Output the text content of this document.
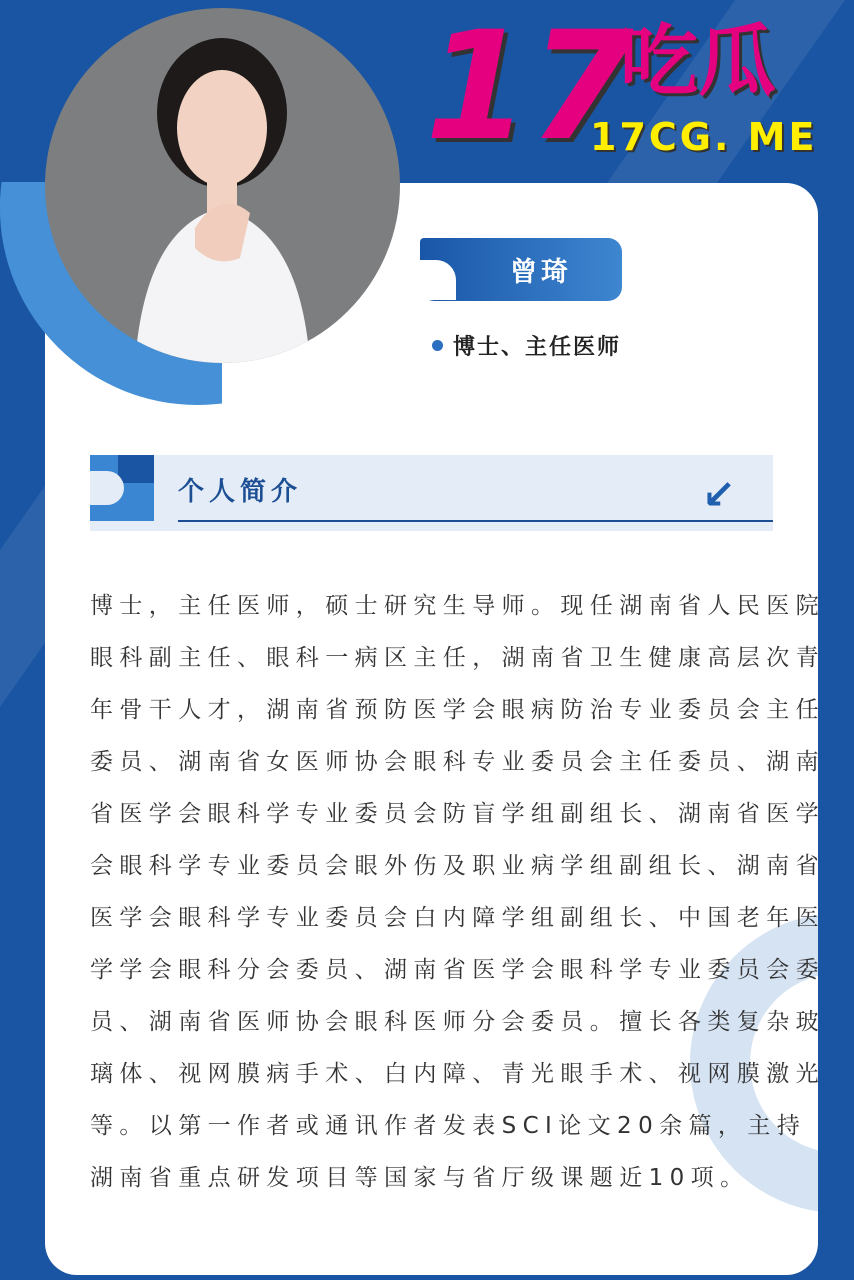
曾琦
博士、主任医师
个人简介	↙
博士，主任医师，硕士研究生导师。现任湖南省人民医院
眼科副主任、眼科一病区主任，湖南省卫生健康高层次青
年骨干人才，湖南省预防医学会眼病防治专业委员会主任
委员、湖南省女医师协会眼科专业委员会主任委员、湖南
省医学会眼科学专业委员会防盲学组副组长、湖南省医学
会眼科学专业委员会眼外伤及职业病学组副组长、湖南省
医学会眼科学专业委员会白内障学组副组长、中国老年医
学学会眼科分会委员、湖南省医学会眼科学专业委员会委
员、湖南省医师协会眼科医师分会委员。擅长各类复杂玻
璃体、视网膜病手术、白内障、青光眼手术、视网膜激光
等。以第一作者或通讯作者发表SCI论文20余篇，主持
湖南省重点研发项目等国家与省厅级课题近10项。
17
吃瓜
17CG. ME
